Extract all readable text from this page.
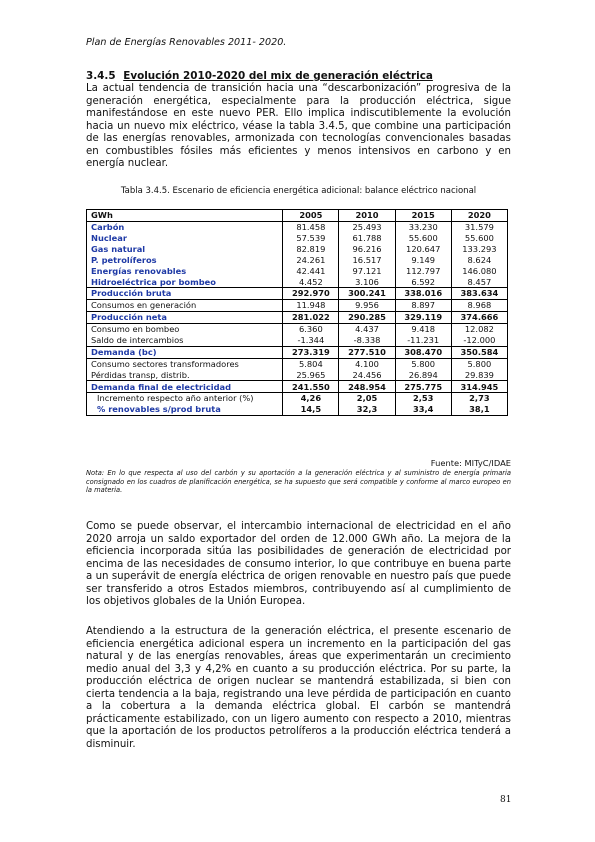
Plan de Energías Renovables 2011- 2020.
3.4.5 Evolución 2010-2020 del mix de generación eléctrica
La actual tendencia de transición hacia una “descarbonización” progresiva de la generación energética, especialmente para la producción eléctrica, sigue manifestándose en este nuevo PER. Ello implica indiscutiblemente la evolución hacia un nuevo mix eléctrico, véase la tabla 3.4.5, que combine una participación de las energías renovables, armonizada con tecnologías convencionales basadas en combustibles fósiles más eficientes y menos intensivos en carbono y en energía nuclear.
Tabla 3.4.5. Escenario de eficiencia energética adicional: balance eléctrico nacional
GWh	2005	2010	2015	2020
Carbón	81.458	25.493	33.230	31.579
Nuclear	57.539	61.788	55.600	55.600
Gas natural	82.819	96.216	120.647	133.293
P. petrolíferos	24.261	16.517	9.149	8.624
Energías renovables	42.441	97.121	112.797	146.080
Hidroeléctrica por bombeo	4.452	3.106	6.592	8.457
Producción bruta	292.970	300.241	338.016	383.634
Consumos en generación	11.948	9.956	8.897	8.968
Producción neta	281.022	290.285	329.119	374.666
Consumo en bombeo	6.360	4.437	9.418	12.082
Saldo de intercambios	-1.344	-8.338	-11.231	-12.000
Demanda (bc)	273.319	277.510	308.470	350.584
Consumo sectores transformadores	5.804	4.100	5.800	5.800
Pérdidas transp, distrib.	25.965	24.456	26.894	29.839
Demanda final de electricidad	241.550	248.954	275.775	314.945
Incremento respecto año anterior (%)	4,26	2,05	2,53	2,73
% renovables s/prod bruta	14,5	32,3	33,4	38,1
Fuente: MITyC/IDAE
Nota: En lo que respecta al uso del carbón y su aportación a la generación eléctrica y al suministro de energía primaria consignado en los cuadros de planificación energética, se ha supuesto que será compatible y conforme al marco europeo en la materia.
Como se puede observar, el intercambio internacional de electricidad en el año 2020 arroja un saldo exportador del orden de 12.000 GWh año. La mejora de la eficiencia incorporada sitúa las posibilidades de generación de electricidad por encima de las necesidades de consumo interior, lo que contribuye en buena parte a un superávit de energía eléctrica de origen renovable en nuestro país que puede ser transferido a otros Estados miembros, contribuyendo así al cumplimiento de los objetivos globales de la Unión Europea.
Atendiendo a la estructura de la generación eléctrica, el presente escenario de eficiencia energética adicional espera un incremento en la participación del gas natural y de las energías renovables, áreas que experimentarán un crecimiento medio anual del 3,3 y 4,2% en cuanto a su producción eléctrica. Por su parte, la producción eléctrica de origen nuclear se mantendrá estabilizada, si bien con cierta tendencia a la baja, registrando una leve pérdida de participación en cuanto a la cobertura a la demanda eléctrica global. El carbón se mantendrá prácticamente estabilizado, con un ligero aumento con respecto a 2010, mientras que la aportación de los productos petrolíferos a la producción eléctrica tenderá a disminuir.
81
